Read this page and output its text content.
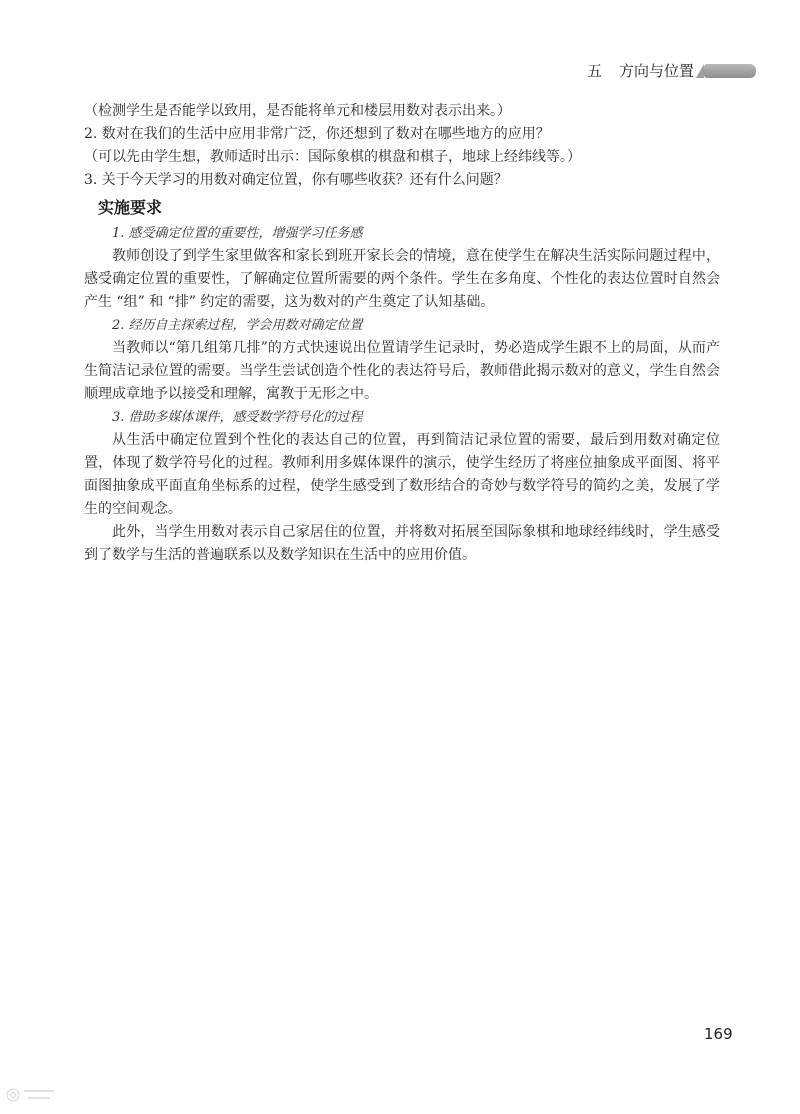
五 方向与位置

（检测学生是否能学以致用，是否能将单元和楼层用数对表示出来。）

2. 数对在我们的生活中应用非常广泛，你还想到了数对在哪些地方的应用？

（可以先由学生想，教师适时出示：国际象棋的棋盘和棋子，地球上经纬线等。）

3. 关于今天学习的用数对确定位置，你有哪些收获？还有什么问题？

实施要求

1. 感受确定位置的重要性，增强学习任务感

教师创设了到学生家里做客和家长到班开家长会的情境，意在使学生在解决生活实际问题过程中，感受确定位置的重要性，了解确定位置所需要的两个条件。学生在多角度、个性化的表达位置时自然会产生 “组” 和 “排” 约定的需要，这为数对的产生奠定了认知基础。

2. 经历自主探索过程，学会用数对确定位置

当教师以“第几组第几排”的方式快速说出位置请学生记录时，势必造成学生跟不上的局面，从而产生简洁记录位置的需要。当学生尝试创造个性化的表达符号后，教师借此揭示数对的意义，学生自然会顺理成章地予以接受和理解，寓教于无形之中。

3. 借助多媒体课件，感受数学符号化的过程

从生活中确定位置到个性化的表达自己的位置，再到简洁记录位置的需要，最后到用数对确定位置，体现了数学符号化的过程。教师利用多媒体课件的演示，使学生经历了将座位抽象成平面图、将平面图抽象成平面直角坐标系的过程，使学生感受到了数形结合的奇妙与数学符号的简约之美，发展了学生的空间观念。

此外，当学生用数对表示自己家居住的位置，并将数对拓展至国际象棋和地球经纬线时，学生感受到了数学与生活的普遍联系以及数学知识在生活中的应用价值。

169
